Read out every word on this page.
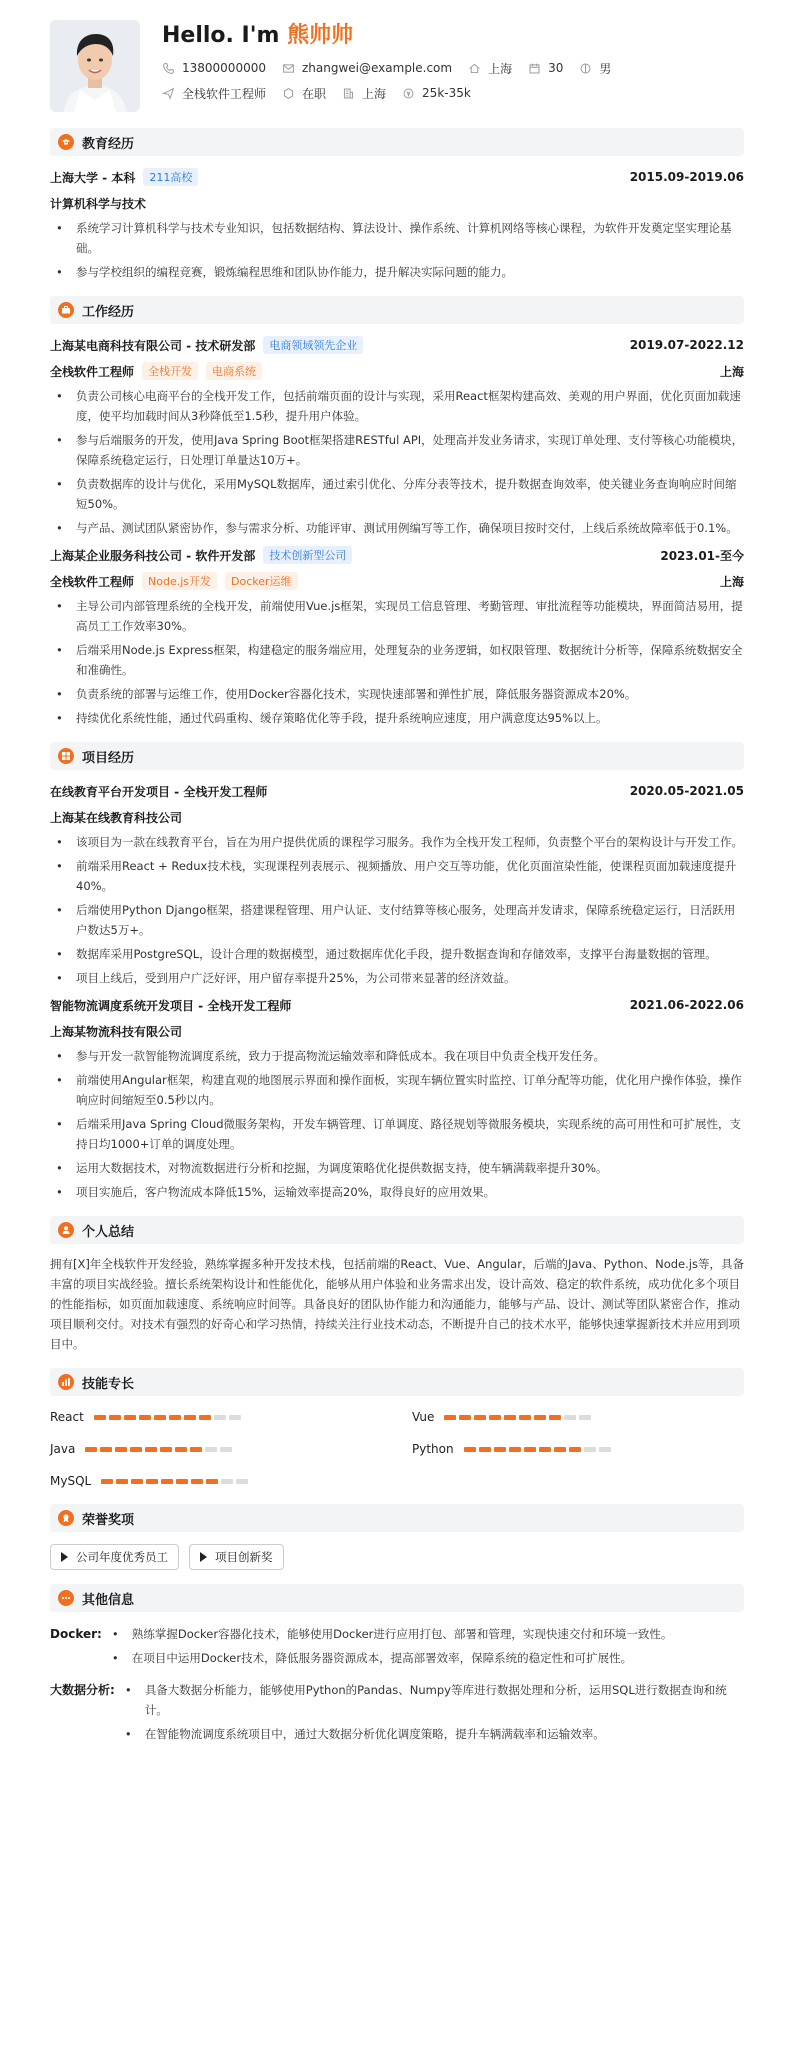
Hello. I'm 熊帅帅
13800000000	zhangwei@example.com	上海	30	男
全栈软件工程师	在职	上海	25k-35k
教育经历
上海大学 - 本科	211高校	2015.09-2019.06
计算机科学与技术
• 系统学习计算机科学与技术专业知识，包括数据结构、算法设计、操作系统、计算机网络等核心课程，为软件开发奠定坚实理论基础。
• 参与学校组织的编程竞赛，锻炼编程思维和团队协作能力，提升解决实际问题的能力。
工作经历
上海某电商科技有限公司 - 技术研发部	电商领域领先企业	2019.07-2022.12
全栈软件工程师	全栈开发	电商系统	上海
• 负责公司核心电商平台的全栈开发工作，包括前端页面的设计与实现，采用React框架构建高效、美观的用户界面，优化页面加载速度，使平均加载时间从3秒降低至1.5秒，提升用户体验。
• 参与后端服务的开发，使用Java Spring Boot框架搭建RESTful API，处理高并发业务请求，实现订单处理、支付等核心功能模块，保障系统稳定运行，日处理订单量达10万+。
• 负责数据库的设计与优化，采用MySQL数据库，通过索引优化、分库分表等技术，提升数据查询效率，使关键业务查询响应时间缩短50%。
• 与产品、测试团队紧密协作，参与需求分析、功能评审、测试用例编写等工作，确保项目按时交付，上线后系统故障率低于0.1%。
上海某企业服务科技公司 - 软件开发部	技术创新型公司	2023.01-至今
全栈软件工程师	Node.js开发	Docker运维	上海
• 主导公司内部管理系统的全栈开发，前端使用Vue.js框架，实现员工信息管理、考勤管理、审批流程等功能模块，界面简洁易用，提高员工工作效率30%。
• 后端采用Node.js Express框架，构建稳定的服务端应用，处理复杂的业务逻辑，如权限管理、数据统计分析等，保障系统数据安全和准确性。
• 负责系统的部署与运维工作，使用Docker容器化技术，实现快速部署和弹性扩展，降低服务器资源成本20%。
• 持续优化系统性能，通过代码重构、缓存策略优化等手段，提升系统响应速度，用户满意度达95%以上。
项目经历
在线教育平台开发项目 - 全栈开发工程师	2020.05-2021.05
上海某在线教育科技公司
• 该项目为一款在线教育平台，旨在为用户提供优质的课程学习服务。我作为全栈开发工程师，负责整个平台的架构设计与开发工作。
• 前端采用React + Redux技术栈，实现课程列表展示、视频播放、用户交互等功能，优化页面渲染性能，使课程页面加载速度提升40%。
• 后端使用Python Django框架，搭建课程管理、用户认证、支付结算等核心服务，处理高并发请求，保障系统稳定运行，日活跃用户数达5万+。
• 数据库采用PostgreSQL，设计合理的数据模型，通过数据库优化手段，提升数据查询和存储效率，支撑平台海量数据的管理。
• 项目上线后，受到用户广泛好评，用户留存率提升25%，为公司带来显著的经济效益。
智能物流调度系统开发项目 - 全栈开发工程师	2021.06-2022.06
上海某物流科技有限公司
• 参与开发一款智能物流调度系统，致力于提高物流运输效率和降低成本。我在项目中负责全栈开发任务。
• 前端使用Angular框架，构建直观的地图展示界面和操作面板，实现车辆位置实时监控、订单分配等功能，优化用户操作体验，操作响应时间缩短至0.5秒以内。
• 后端采用Java Spring Cloud微服务架构，开发车辆管理、订单调度、路径规划等微服务模块，实现系统的高可用性和可扩展性，支持日均1000+订单的调度处理。
• 运用大数据技术，对物流数据进行分析和挖掘，为调度策略优化提供数据支持，使车辆满载率提升30%。
• 项目实施后，客户物流成本降低15%，运输效率提高20%，取得良好的应用效果。
个人总结

拥有[X]年全栈软件开发经验，熟练掌握多种开发技术栈，包括前端的React、Vue、Angular，后端的Java、Python、Node.js等，具备丰富的项目实战经验。擅长系统架构设计和性能优化，能够从用户体验和业务需求出发，设计高效、稳定的软件系统，成功优化多个项目的性能指标，如页面加载速度、系统响应时间等。具备良好的团队协作能力和沟通能力，能够与产品、设计、测试等团队紧密合作，推动项目顺利交付。对技术有强烈的好奇心和学习热情，持续关注行业技术动态，不断提升自己的技术水平，能够快速掌握新技术并应用到项目中。

技能专长
React	Vue
Java	Python
MySQL
荣誉奖项
公司年度优秀员工	项目创新奖
其他信息
Docker:	• 熟练掌握Docker容器化技术，能够使用Docker进行应用打包、部署和管理，实现快速交付和环境一致性。
• 在项目中运用Docker技术，降低服务器资源成本，提高部署效率，保障系统的稳定性和可扩展性。
大数据分析:	• 具备大数据分析能力，能够使用Python的Pandas、Numpy等库进行数据处理和分析，运用SQL进行数据查询和统计。
• 在智能物流调度系统项目中，通过大数据分析优化调度策略，提升车辆满载率和运输效率。
